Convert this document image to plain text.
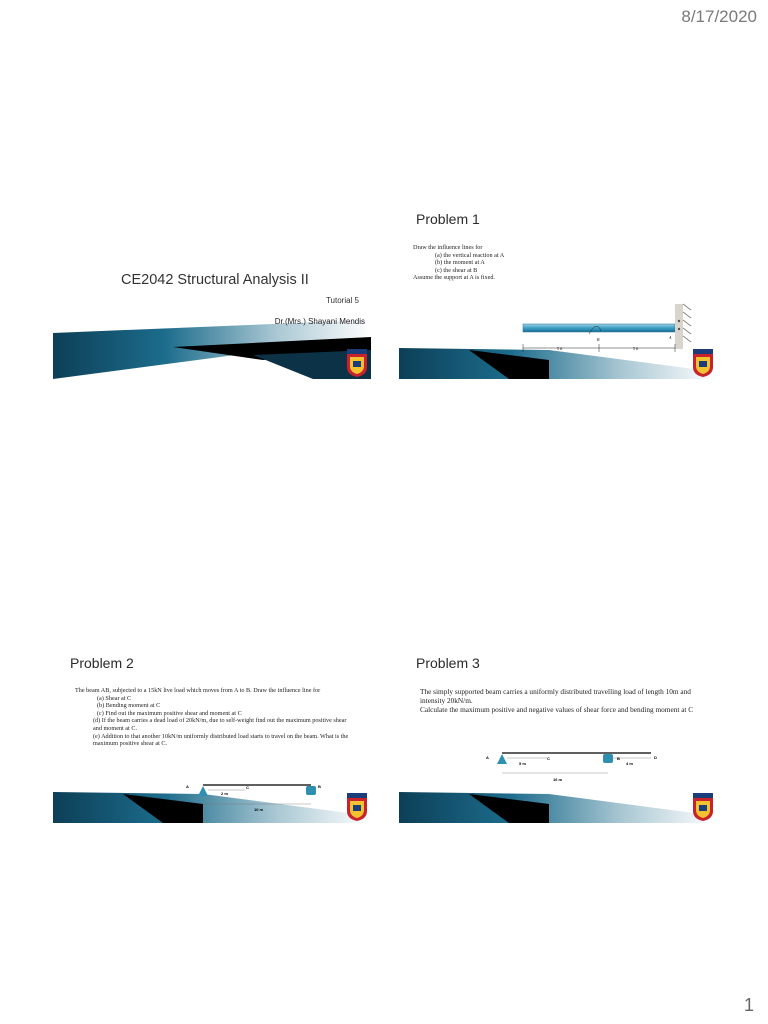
8/17/2020
1
CE2042 Structural Analysis II
Tutorial 5
Dr.(Mrs.) Shayani Mendis
Problem 1
Draw the influence lines for
(a) the vertical reaction at A
(b) the moment at A
(c) the shear at B
Assume the support at A is fixed.
B	A
5 ft	5 ft
Problem 2
The beam AB, subjected to a 15kN live load which moves from A to B. Draw the influence line for
(a) Shear at C
(b) Bending moment at C
(c) Find out the maximum positive shear and moment at C
(d) If the beam carries a dead load of 20kN/m, due to self-weight find out the maximum positive shear and moment at C.
(e) Addition to that another 10kN/m uniformly distributed load starts to travel on the beam. What is the maximum positive shear at C.
A	C	B
2 m
10 m
Problem 3
The simply supported beam carries a uniformly distributed travelling load of length 10m and intensity 20kN/m.
Calculate the maximum positive and negative values of shear force and bending moment at C
A	C	B	D
5 m	4 m
16 m
